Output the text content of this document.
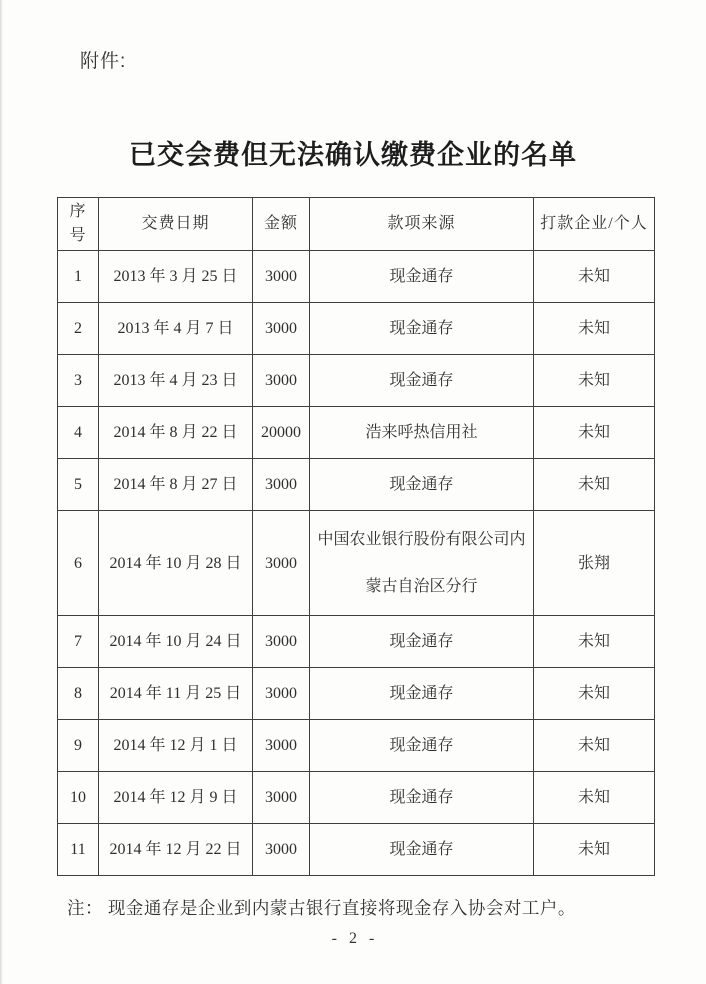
附件:
已交会费但无法确认缴费企业的名单
序号	交费日期	金额	款项来源	打款企业/个人
1	2013 年 3 月 25 日	3000	现金通存	未知
2	2013 年 4 月 7 日	3000	现金通存	未知
3	2013 年 4 月 23 日	3000	现金通存	未知
4	2014 年 8 月 22 日	20000	浩来呼热信用社	未知
5	2014 年 8 月 27 日	3000	现金通存	未知
6	2014 年 10 月 28 日	3000	中国农业银行股份有限公司内蒙古自治区分行	张翔
7	2014 年 10 月 24 日	3000	现金通存	未知
8	2014 年 11 月 25 日	3000	现金通存	未知
9	2014 年 12 月 1 日	3000	现金通存	未知
10	2014 年 12 月 9 日	3000	现金通存	未知
11	2014 年 12 月 22 日	3000	现金通存	未知
注： 现金通存是企业到内蒙古银行直接将现金存入协会对工户。
- 2 -
